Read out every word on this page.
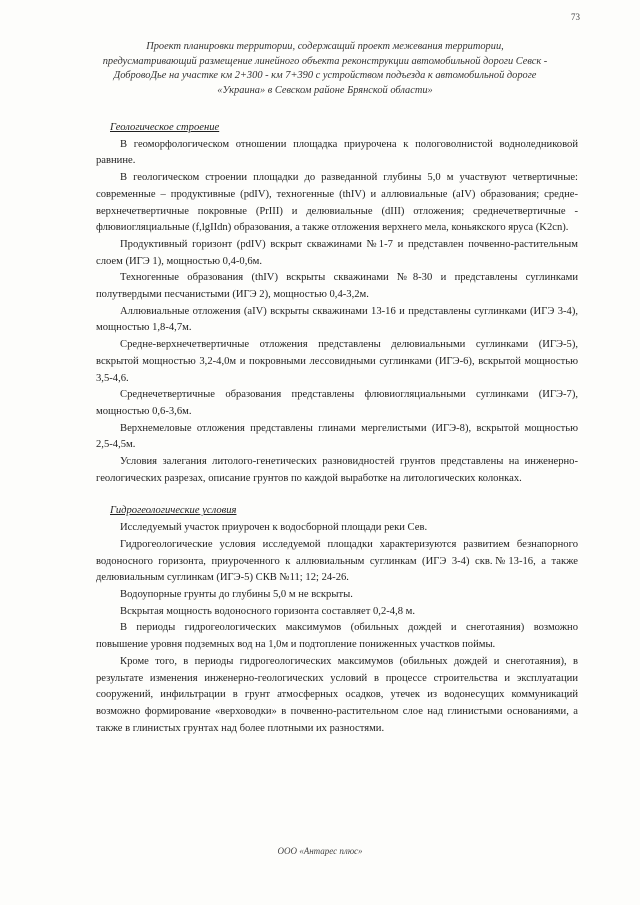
73
Проект планировки территории, содержащий проект межевания территории, предусматривающий размещение линейного объекта реконструкции автомобильной дороги Севск - ДобровоДье на участке км 2+300 - км 7+390 с устройством подъезда к автомобильной дороге «Украина» в Севском районе Брянской области»

Геологическое строение

В геоморфологическом отношении площадка приурочена к пологоволнистой водноледниковой равнине.

В геологическом строении площадки до разведанной глубины 5,0 м участвуют четвертичные: современные – продуктивные (pdIV), техногенные (thIV) и аллювиальные (aIV) образования; средне-верхнечетвертичные покровные (PrIII) и делювиальные (dIII) отложения; среднечетвертичные - флювиогляциальные (f,lgIIdn) образования, а также отложения верхнего мела, коньякского яруса (K2cn).

Продуктивный горизонт (pdIV) вскрыт скважинами №1-7 и представлен почвенно-растительным слоем (ИГЭ 1), мощностью 0,4-0,6м.

Техногенные образования (thIV) вскрыты скважинами №8-30 и представлены суглинками полутвердыми песчанистыми (ИГЭ 2), мощностью 0,4-3,2м.

Аллювиальные отложения (aIV) вскрыты скважинами 13-16 и представлены суглинками (ИГЭ 3-4), мощностью 1,8-4,7м.

Средне-верхнечетвертичные отложения представлены делювиальными суглинками (ИГЭ-5), вскрытой мощностью 3,2-4,0м и покровными лессовидными суглинками (ИГЭ-6), вскрытой мощностью 3,5-4,6.

Среднечетвертичные образования представлены флювиогляциальными суглинками (ИГЭ-7), мощностью 0,6-3,6м.

Верхнемеловые отложения представлены глинами мергелистыми (ИГЭ-8), вскрытой мощностью 2,5-4,5м.

Условия залегания литолого-генетических разновидностей грунтов представлены на инженерно-геологических разрезах, описание грунтов по каждой выработке на литологических колонках.

Гидрогеологические условия

Исследуемый участок приурочен к водосборной площади реки Сев.

Гидрогеологические условия исследуемой площадки характеризуются развитием безнапорного водоносного горизонта, приуроченного к аллювиальным суглинкам (ИГЭ 3-4) скв.№13-16, а также делювиальным суглинкам (ИГЭ-5) СКВ №11; 12; 24-26.

Водоупорные грунты до глубины 5,0 м не вскрыты.

Вскрытая мощность водоносного горизонта составляет 0,2-4,8 м.

В периоды гидрогеологических максимумов (обильных дождей и снеготаяния) возможно повышение уровня подземных вод на 1,0м и подтопление пониженных участков поймы.

Кроме того, в периоды гидрогеологических максимумов (обильных дождей и снеготаяния), в результате изменения инженерно-геологических условий в процессе строительства и эксплуатации сооружений, инфильтрации в грунт атмосферных осадков, утечек из водонесущих коммуникаций возможно формирование «верховодки» в почвенно-растительном слое над глинистыми основаниями, а также в глинистых грунтах над более плотными их разностями.

ООО «Антарес плюс»
